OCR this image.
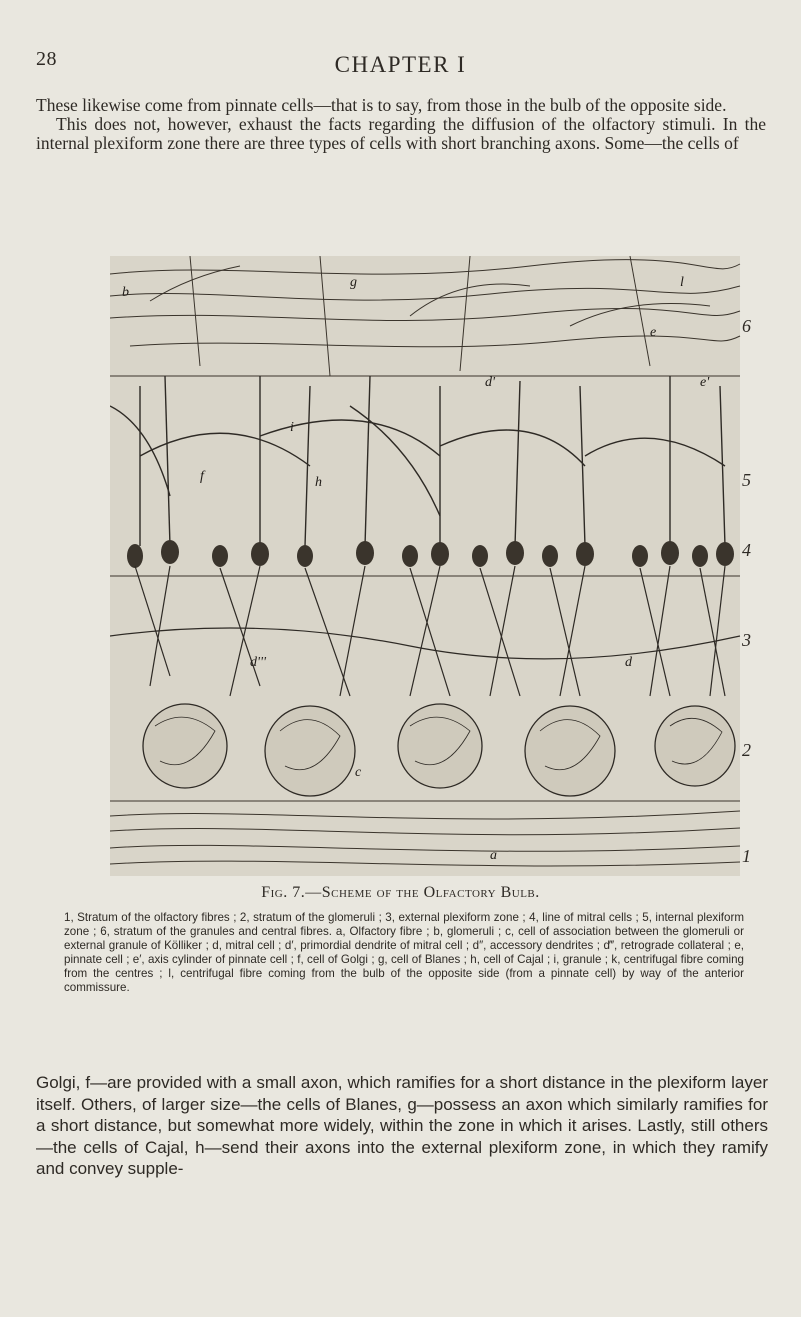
28	CHAPTER I

These likewise come from pinnate cells—that is to say, from those in the bulb of the opposite side.

This does not, however, exhaust the facts regarding the diffusion of the olfactory stimuli. In the internal plexiform zone there are three types of cells with short branching axons. Some—the cells of

6
5
4
3
2
1
f
g
b
e
d'
h
l
i
e'
d'''
c
d
a
Fig. 7.—Scheme of the Olfactory Bulb.

1, Stratum of the olfactory fibres ; 2, stratum of the glomeruli ; 3, external plexiform zone ; 4, line of mitral cells ; 5, internal plexiform zone ; 6, stratum of the granules and central fibres. a, Olfactory fibre ; b, glomeruli ; c, cell of association between the glomeruli or external granule of Kölliker ; d, mitral cell ; d′, primordial dendrite of mitral cell ; d″, accessory dendrites ; d‴, retrograde collateral ; e, pinnate cell ; e′, axis cylinder of pinnate cell ; f, cell of Golgi ; g, cell of Blanes ; h, cell of Cajal ; i, granule ; k, centrifugal fibre coming from the centres ; l, centrifugal fibre coming from the bulb of the opposite side (from a pinnate cell) by way of the anterior commissure.

Golgi, f—are provided with a small axon, which ramifies for a short distance in the plexiform layer itself. Others, of larger size—the cells of Blanes, g—possess an axon which similarly ramifies for a short distance, but somewhat more widely, within the zone in which it arises. Lastly, still others—the cells of Cajal, h—send their axons into the external plexiform zone, in which they ramify and convey supple-
